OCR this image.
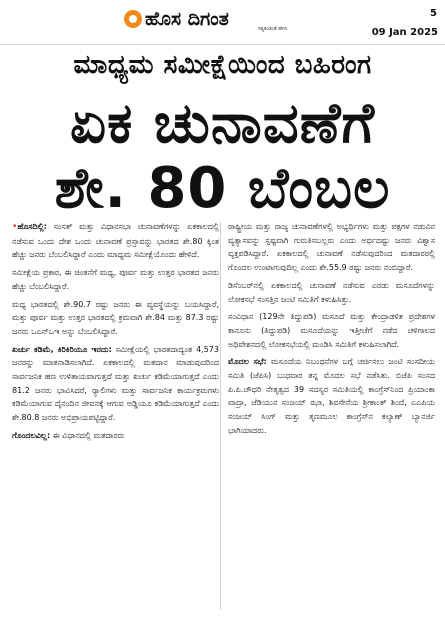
ಹೊಸ ದಿಗಂತ	ಸತ್ಯಕಂಡಂತೆ ಹೇಳು
5
09 Jan 2025
ಮಾಧ್ಯಮ ಸಮೀಕ್ಷೆಯಿಂದ ಬಹಿರಂಗ
ಏಕ ಚುನಾವಣೆಗೆ
ಶೇ. 80 ಬೆಂಬಲ

•ಹೊಸದಿಲ್ಲಿ: ಸಂಸತ್ ಮತ್ತು ವಿಧಾನಸಭಾ ಚುನಾವಣೆಗಳನ್ನು ಏಕಕಾಲದಲ್ಲಿ ನಡೆಸುವ ಒಂದು ದೇಶ ಒಂದು ಚುನಾವಣೆ ಪ್ರಸ್ತಾವನ್ನು ಭಾರತದ ಶೇ.80 ಕ್ಕಿಂತ ಹೆಚ್ಚು ಜನರು ಬೆಂಬಲಿಸಿದ್ದಾರೆ ಎಂದು ಮಾಧ್ಯಮ ಸಮೀಕ್ಷೆಯೊಂದು ಹೇಳಿದೆ.

ಸಮೀಕ್ಷೆಯ ಪ್ರಕಾರ, ಈ ಚಿಂತನೆಗೆ ಮಧ್ಯ, ಪೂರ್ವ ಮತ್ತು ಉತ್ತರ ಭಾರತದ ಜನರು ಹೆಚ್ಚು ಬೆಂಬಲಿಸಿದ್ದಾರೆ.

ಮಧ್ಯ ಭಾರತದಲ್ಲಿ ಶೇ.90.7 ರಷ್ಟು ಜನರು ಈ ವ್ಯವಸ್ಥೆಯನ್ನು ಬಯಸಿದ್ದಾರೆ, ಮತ್ತು ಪೂರ್ವ ಮತ್ತು ಉತ್ತರ ಭಾರತದಲ್ಲಿ ಕ್ರಮವಾಗಿ ಶೇ.84 ಮತ್ತು 87.3 ರಷ್ಟು ಜನರು ಒಎನ್‌ಒಇ ಅನ್ನು ಬೆಂಬಲಿಸಿದ್ದಾರೆ.

ಖರ್ಚು ಕಡಿಮೆ, ಕಿರಿಕಿರಿಯೂ ಇರದು: ಸಮೀಕ್ಷೆಯಲ್ಲಿ ಭಾರತದಾದ್ಯಂತ 4,573 ಜನರನ್ನು ಮಾತನಾಡಿಸಲಾಗಿದೆ. ಏಕಕಾಲದಲ್ಲಿ ಮತದಾನ ಮಾಡುವುದರಿಂದ ಸಾರ್ವಜನಿಕ ಹಣ ಉಳಿತಾಯವಾಗುತ್ತದೆ ಮತ್ತು ಖರ್ಚು ಕಡಿಮೆಯಾಗುತ್ತದೆ ಎಂದು 81.2 ಜನರು ಭಾವಿಸಿದರೆ, ರ‍್ಯಾಲಿಗಳು ಮತ್ತು ಸಾರ್ವಜನಿಕ ಕಾರ್ಯಕ್ರಮಗಳು ಕಡಿಮೆಯಾಗುವ ದೈನಂದಿನ ಜೀವನಕ್ಕೆ ಆಗುವ ಅಡ್ಡಿಯೂ ಕಡಿಮೆಯಾಗುತ್ತದೆ ಎಂದು ಶೇ.80.8 ಜನರು ಅಭಿಪ್ರಾಯಪಟ್ಟಿದ್ದಾರೆ.

ಗೊಂದಲವಿಲ್ಲ: ಈ ವಿಧಾನದಲ್ಲಿ ಮತದಾರರು

ರಾಷ್ಟ್ರೀಯ ಮತ್ತು ರಾಜ್ಯ ಚುನಾವಣೆಗಳಲ್ಲಿ ಅಭ್ಯರ್ಥಿಗಳು ಮತ್ತು ಪಕ್ಷಗಳ ನಡುವಿನ ವ್ಯತ್ಯಾಸವನ್ನು ಸ್ಪಷ್ಟವಾಗಿ ಗುರುತಿಸಬಲ್ಲರು ಎಂದು ಅರ್ಧದಷ್ಟು ಜನರು ವಿಶ್ವಾಸ ವ್ಯಕ್ತಪಡಿಸಿದ್ದಾರೆ. ಏಕಕಾಲದಲ್ಲಿ ಚುನಾವಣೆ ನಡೆಸುವುದರಿಂದ ಮತದಾರರಲ್ಲಿ ಗೊಂದಲ ಉಂಟಾಗುವುದಿಲ್ಲ ಎಂದು ಶೇ.55.9 ರಷ್ಟು ಜನರು ನಂಬಿದ್ದಾರೆ.

ಡಿಸೆಂಬರ್‌ನಲ್ಲಿ ಏಕಕಾಲದಲ್ಲಿ ಚುನಾವಣೆ ನಡೆಸುವ ಎರಡು ಮಸೂದೆಗಳನ್ನು ಲೋಕಸಭೆ ಸಂಸತ್ತಿನ ಜಂಟಿ ಸಮಿತಿಗೆ ಕಳುಹಿಸಿತ್ತು.

ಸಂವಿಧಾನ (129ನೇ ತಿದ್ದುಪಡಿ) ಮಸೂದೆ ಮತ್ತು ಕೇಂದ್ರಾಡಳಿತ ಪ್ರದೇಶಗಳ ಕಾನೂನು (ತಿದ್ದುಪಡಿ) ಮಸೂದೆಯನ್ನು ಇತ್ತೀಚೆಗೆ ನಡೆದ ಚಳಿಗಾಲದ ಅಧಿವೇಶನದಲ್ಲಿ ಲೋಕಸಭೆಯಲ್ಲಿ ಮಂಡಿಸಿ ಸಮಿತಿಗೆ ಕಳುಹಿಸಲಾಗಿದೆ.

ಮೊದಲ ಸಭೆ: ಮಸೂದೆಯ ನಿಬಂಧನೆಗಳ ಬಗ್ಗೆ ಚರ್ಚಿಸಲು ಜಂಟಿ ಸಂಸದೀಯ ಸಮಿತಿ (ಜೆಪಿಸಿ) ಬುಧವಾರ ತನ್ನ ಮೊದಲ ಸಭೆ ನಡೆಸಿತು. ಬಿಜೆಪಿ ಸಂಸದ ಪಿ.ಪಿ.ಚೌಧರಿ ನೇತೃತ್ವದ 39 ಸದಸ್ಯರ ಸಮಿತಿಯಲ್ಲಿ ಕಾಂಗ್ರೆಸ್‌ನಿಂದ ಪ್ರಿಯಾಂಕಾ ವಾದ್ರಾ, ಜೆಡಿಯುನ ಸಂಜಯ್ ಝಾ, ಶಿವಸೇನೆಯ ಶ್ರೀಕಾಂತ್ ಶಿಂದೆ, ಎಎಪಿಯ ಸಂಜಯ್ ಸಿಂಗ್ ಮತ್ತು ತೃಣಮೂಲ ಕಾಂಗ್ರೆಸ್‌ನ ಕಲ್ಯಾಣ್ ಬ್ಯಾನರ್ಜಿ ಭಾಗಿಯಾದರು.
